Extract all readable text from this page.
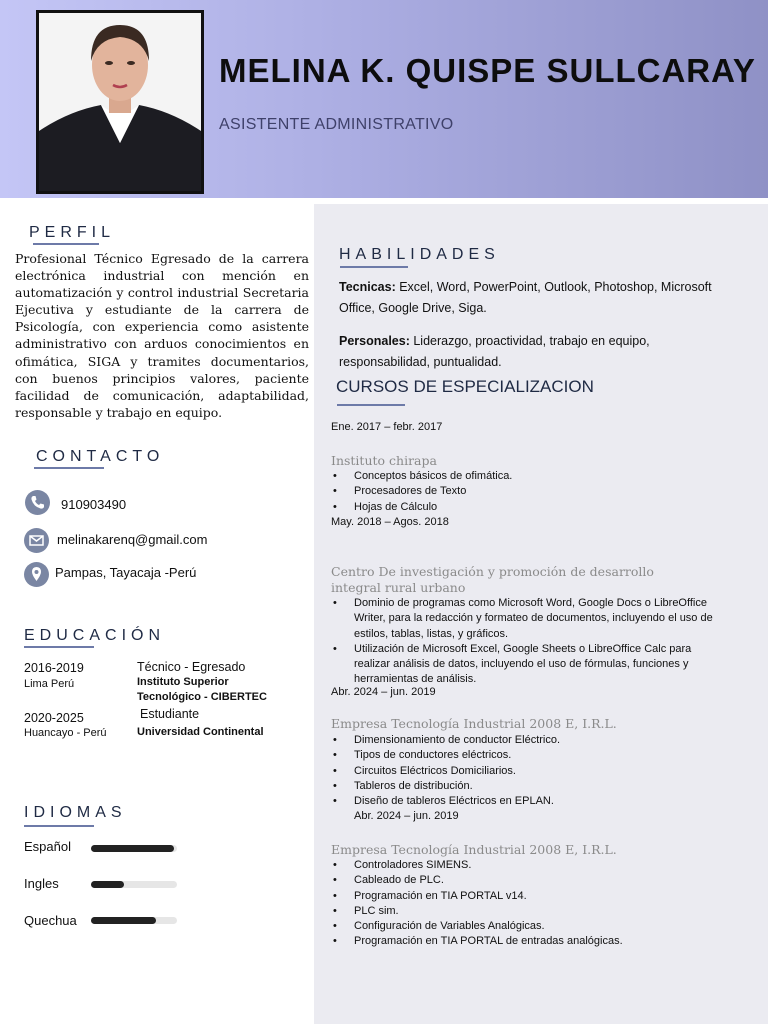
MELINA K. QUISPE SULLCARAY
ASISTENTE ADMINISTRATIVO
PERFIL
Profesional Técnico Egresado de la carrera electrónica industrial con mención en automatización y control industrial Secretaria Ejecutiva y estudiante de la carrera de Psicología, con experiencia como asistente administrativo con arduos conocimientos en ofimática, SIGA y tramites documentarios, con buenos principios valores, paciente facilidad de comunicación, adaptabilidad, responsable y trabajo en equipo.
CONTACTO
910903490
melinakarenq@gmail.com
Pampas, Tayacaja -Perú
EDUCACIÓN
2016-2019
Lima Perú
Técnico - Egresado
Instituto Superior
Tecnológico - CIBERTEC
2020-2025
Huancayo - Perú
Estudiante
Universidad Continental
IDIOMAS
Español
Ingles
Quechua
HABILIDADES
Tecnicas: Excel, Word, PowerPoint, Outlook, Photoshop, Microsoft Office, Google Drive, Siga.
Personales: Liderazgo, proactividad, trabajo en equipo, responsabilidad, puntualidad.
CURSOS DE ESPECIALIZACION
Ene. 2017 – febr. 2017
Instituto chirapa
• Conceptos básicos de ofimática.
• Procesadores de Texto
• Hojas de Cálculo
May. 2018 – Agos. 2018
Centro De investigación y promoción de desarrollo integral rural urbano
• Dominio de programas como Microsoft Word, Google Docs o LibreOffice Writer, para la redacción y formateo de documentos, incluyendo el uso de estilos, tablas, listas, y gráficos.
• Utilización de Microsoft Excel, Google Sheets o LibreOffice Calc para realizar análisis de datos, incluyendo el uso de fórmulas, funciones y herramientas de análisis.
Abr. 2024 – jun. 2019
Empresa Tecnología Industrial 2008 E, I.R.L.
• Dimensionamiento de conductor Eléctrico.
• Tipos de conductores eléctricos.
• Circuitos Eléctricos Domiciliarios.
• Tableros de distribución.
• Diseño de tableros Eléctricos en EPLAN.
Abr. 2024 – jun. 2019
Empresa Tecnología Industrial 2008 E, I.R.L.
• Controladores SIMENS.
• Cableado de PLC.
• Programación en TIA PORTAL v14.
• PLC sim.
• Configuración de Variables Analógicas.
• Programación en TIA PORTAL de entradas analógicas.
